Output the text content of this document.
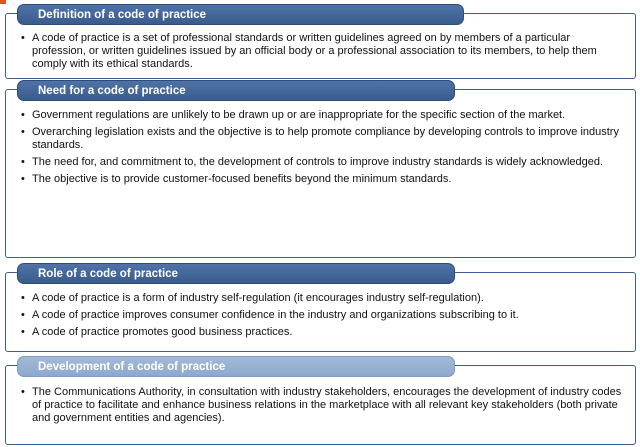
Definition of a code of practice
• A code of practice is a set of professional standards or written guidelines agreed on by members of a particular profession, or written guidelines issued by an official body or a professional association to its members, to help them comply with its ethical standards.
Need for a code of practice
• Government regulations are unlikely to be drawn up or are inappropriate for the specific section of the market.
• Overarching legislation exists and the objective is to help promote compliance by developing controls to improve industry standards.
• The need for, and commitment to, the development of controls to improve industry standards is widely acknowledged.
• The objective is to provide customer-focused benefits beyond the minimum standards.
Role of a code of practice
• A code of practice is a form of industry self-regulation (it encourages industry self-regulation).
• A code of practice improves consumer confidence in the industry and organizations subscribing to it.
• A code of practice promotes good business practices.
Development of a code of practice
• The Communications Authority, in consultation with industry stakeholders, encourages the development of industry codes of practice to facilitate and enhance business relations in the marketplace with all relevant key stakeholders (both private and government entities and agencies).
